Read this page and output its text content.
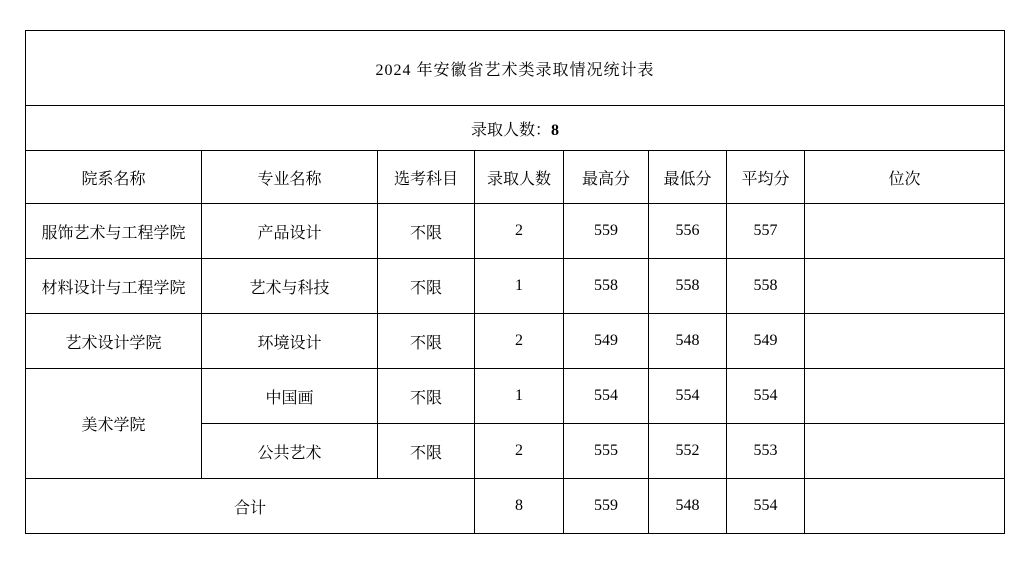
2024 年安徽省艺术类录取情况统计表							
录取人数：8							
院系名称	专业名称	选考科目	录取人数	最高分	最低分	平均分	位次
服饰艺术与工程学院	产品设计	不限	2	559	556	557	
材料设计与工程学院	艺术与科技	不限	1	558	558	558	
艺术设计学院	环境设计	不限	2	549	548	549	
美术学院	中国画	不限	1	554	554	554	
	公共艺术	不限	2	555	552	553	
合计			8	559	548	554	
